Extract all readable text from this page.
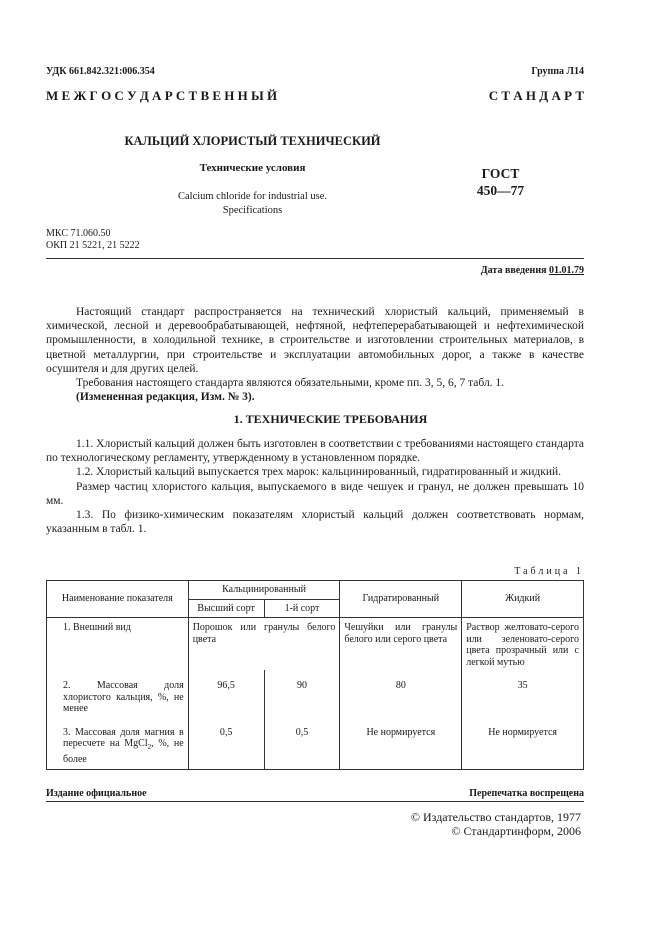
УДК 661.842.321:006.354	Группа Л14
М Е Ж Г О С У Д А Р С Т В Е Н Н Ы Й	С Т А Н Д А Р Т
КАЛЬЦИЙ ХЛОРИСТЫЙ ТЕХНИЧЕСКИЙ
Технические условия
Calcium chloride for industrial use.
Specifications
ГОСТ
450—77
МКС 71.060.50
ОКП 21 5221, 21 5222
Дата введения 01.01.79

Настоящий стандарт распространяется на технический хлористый кальций, применяемый в химической, лесной и деревообрабатывающей, нефтяной, нефтеперерабатывающей и нефтехимической промышленности, в холодильной технике, в строительстве и изготовлении строительных материалов, в цветной металлургии, при строительстве и эксплуатации автомобильных дорог, а также в качестве осушителя и для других целей.

Требования настоящего стандарта являются обязательными, кроме пп. 3, 5, 6, 7 табл. 1.

(Измененная редакция, Изм. № 3).

1. ТЕХНИЧЕСКИЕ ТРЕБОВАНИЯ

1.1. Хлористый кальций должен быть изготовлен в соответствии с требованиями настоящего стандарта по технологическому регламенту, утвержденному в установленном порядке.

1.2. Хлористый кальций выпускается трех марок: кальцинированный, гидратированный и жидкий.

Размер частиц хлористого кальция, выпускаемого в виде чешуек и гранул, не должен превышать 10 мм.

1.3. По физико-химическим показателям хлористый кальций должен соответствовать нормам, указанным в табл. 1.

Таблица 1
Наименование показателя	Кальцинированный		Гидратированный	Жидкий
	Высший сорт	1-й сорт		
1. Внешний вид	Порошок или гранулы белого цвета		Чешуйки или гранулы белого или серого цвета	Раствор желтовато-серого или зеленовато-серого цвета прозрачный или с легкой мутью
2. Массовая доля хлористого кальция, %, не менее	96,5	90	80	35
3. Массовая доля магния в пересчете на MgCl$_2$, %, не более	0,5	0,5	Не нормируется	Не нормируется
Издание официальное	Перепечатка воспрещена
© Издательство стандартов, 1977
© Стандартинформ, 2006
